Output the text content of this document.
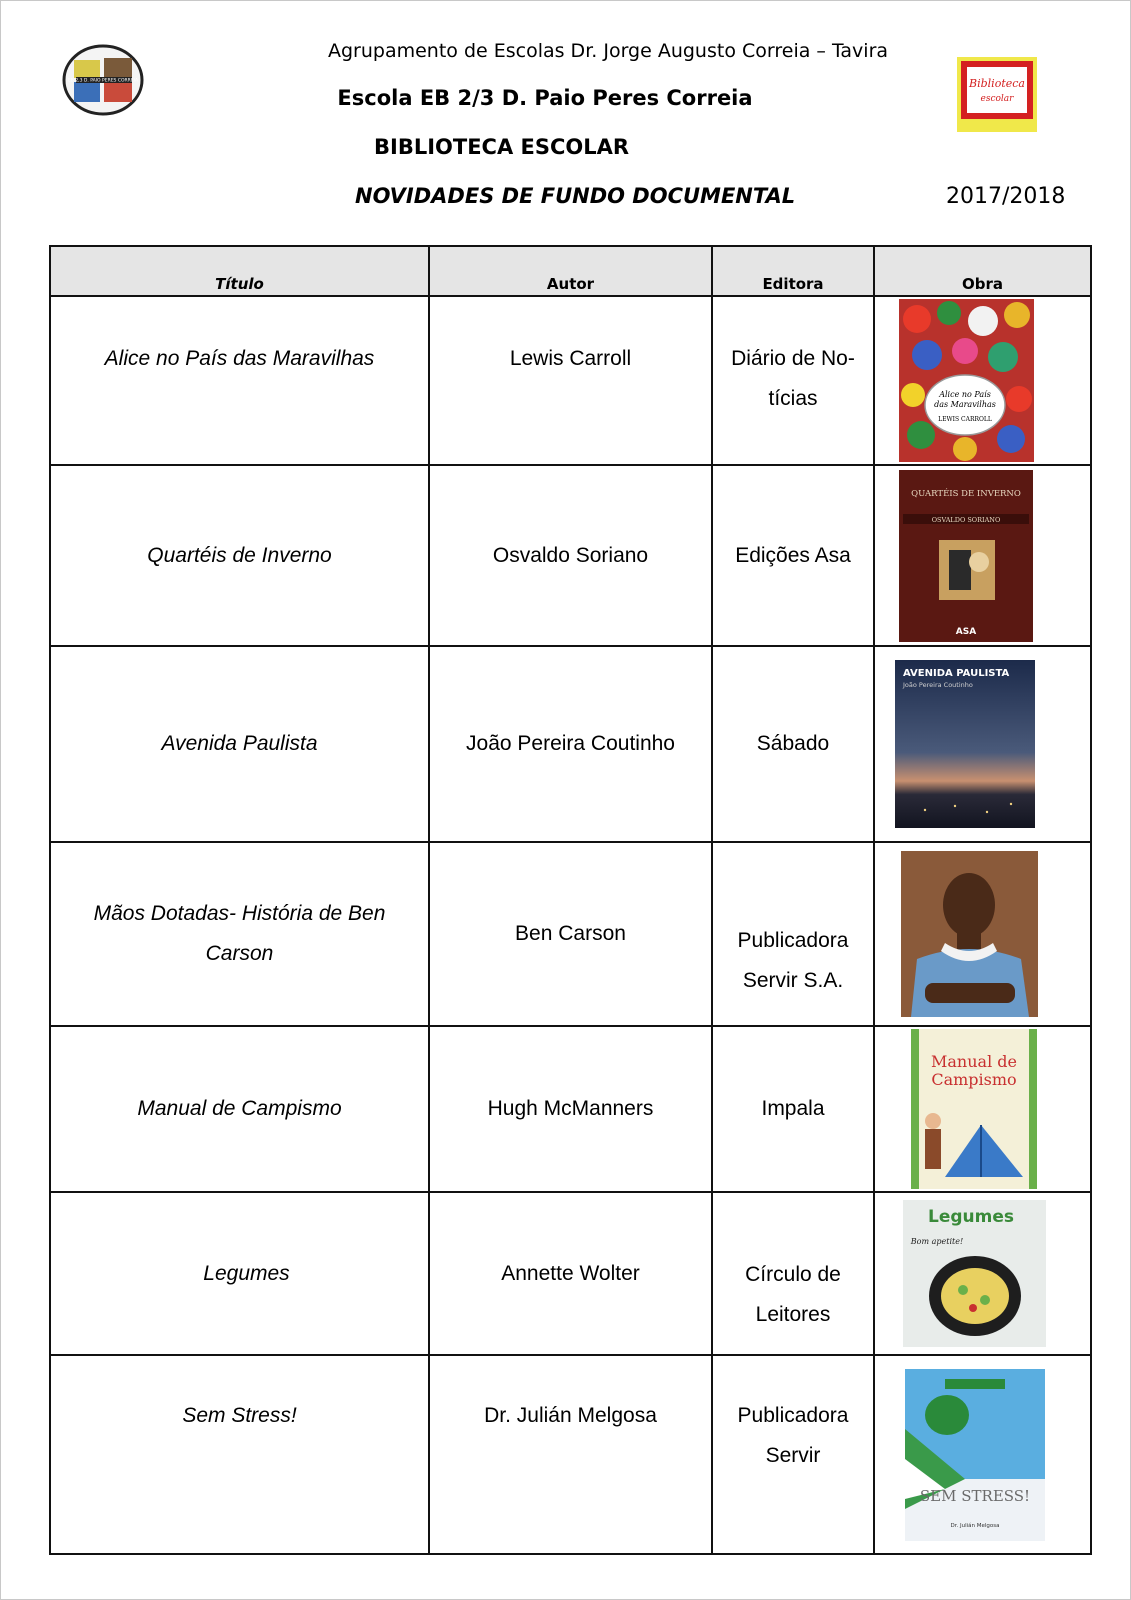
EB 2,3 D. PAIO PERES CORREIA	Biblioteca
escolar
Agrupamento de Escolas Dr. Jorge Augusto Correia – Tavira
Escola EB 2/3 D. Paio Peres Correia
BIBLIOTECA ESCOLAR
NOVIDADES DE FUNDO DOCUMENTAL	2017/2018
Título	Autor	Editora	Obra
Alice no País das Maravilhas	Lewis Carroll	Diário de No-tícias	Alice no País
das Maravilhas
LEWIS CARROLL

Quartéis de Inverno	Osvaldo Soriano	Edições Asa	QUARTÉIS DE INVERNO
OSVALDO SORIANO
ASA

Avenida Paulista	João Pereira Coutinho	Sábado	AVENIDA PAULISTA
João Pereira Coutinho

Mãos Dotadas- História de Ben Carson	Ben Carson	Publicadora Servir S.A.	

Manual de Campismo	Hugh McManners	Impala	Manual de
Campismo

Legumes	Annette Wolter	Círculo de Leitores	Legumes
Bom apetite!

Sem Stress!	Dr. Julián Melgosa	Publicadora Servir	SEM STRESS!
Dr. Julián Melgosa
